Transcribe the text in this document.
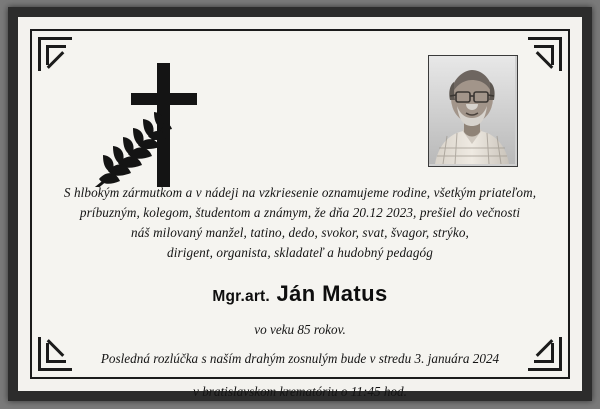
S hlbokým zármutkom a v nádeji na vzkriesenie oznamujeme rodine, všetkým priateľom,
príbuzným, kolegom, študentom a známym, že dňa 20.12 2023, prešiel do večnosti
náš milovaný manžel, tatino, dedo, svokor, svat, švagor, strýko,
dirigent, organista, skladateľ a hudobný pedagóg
Mgr.art. Ján Matus
vo veku 85 rokov.
Posledná rozlúčka s naším drahým zosnulým bude v stredu 3. januára 2024
v bratislavskom krematóriu o 11:45 hod.
